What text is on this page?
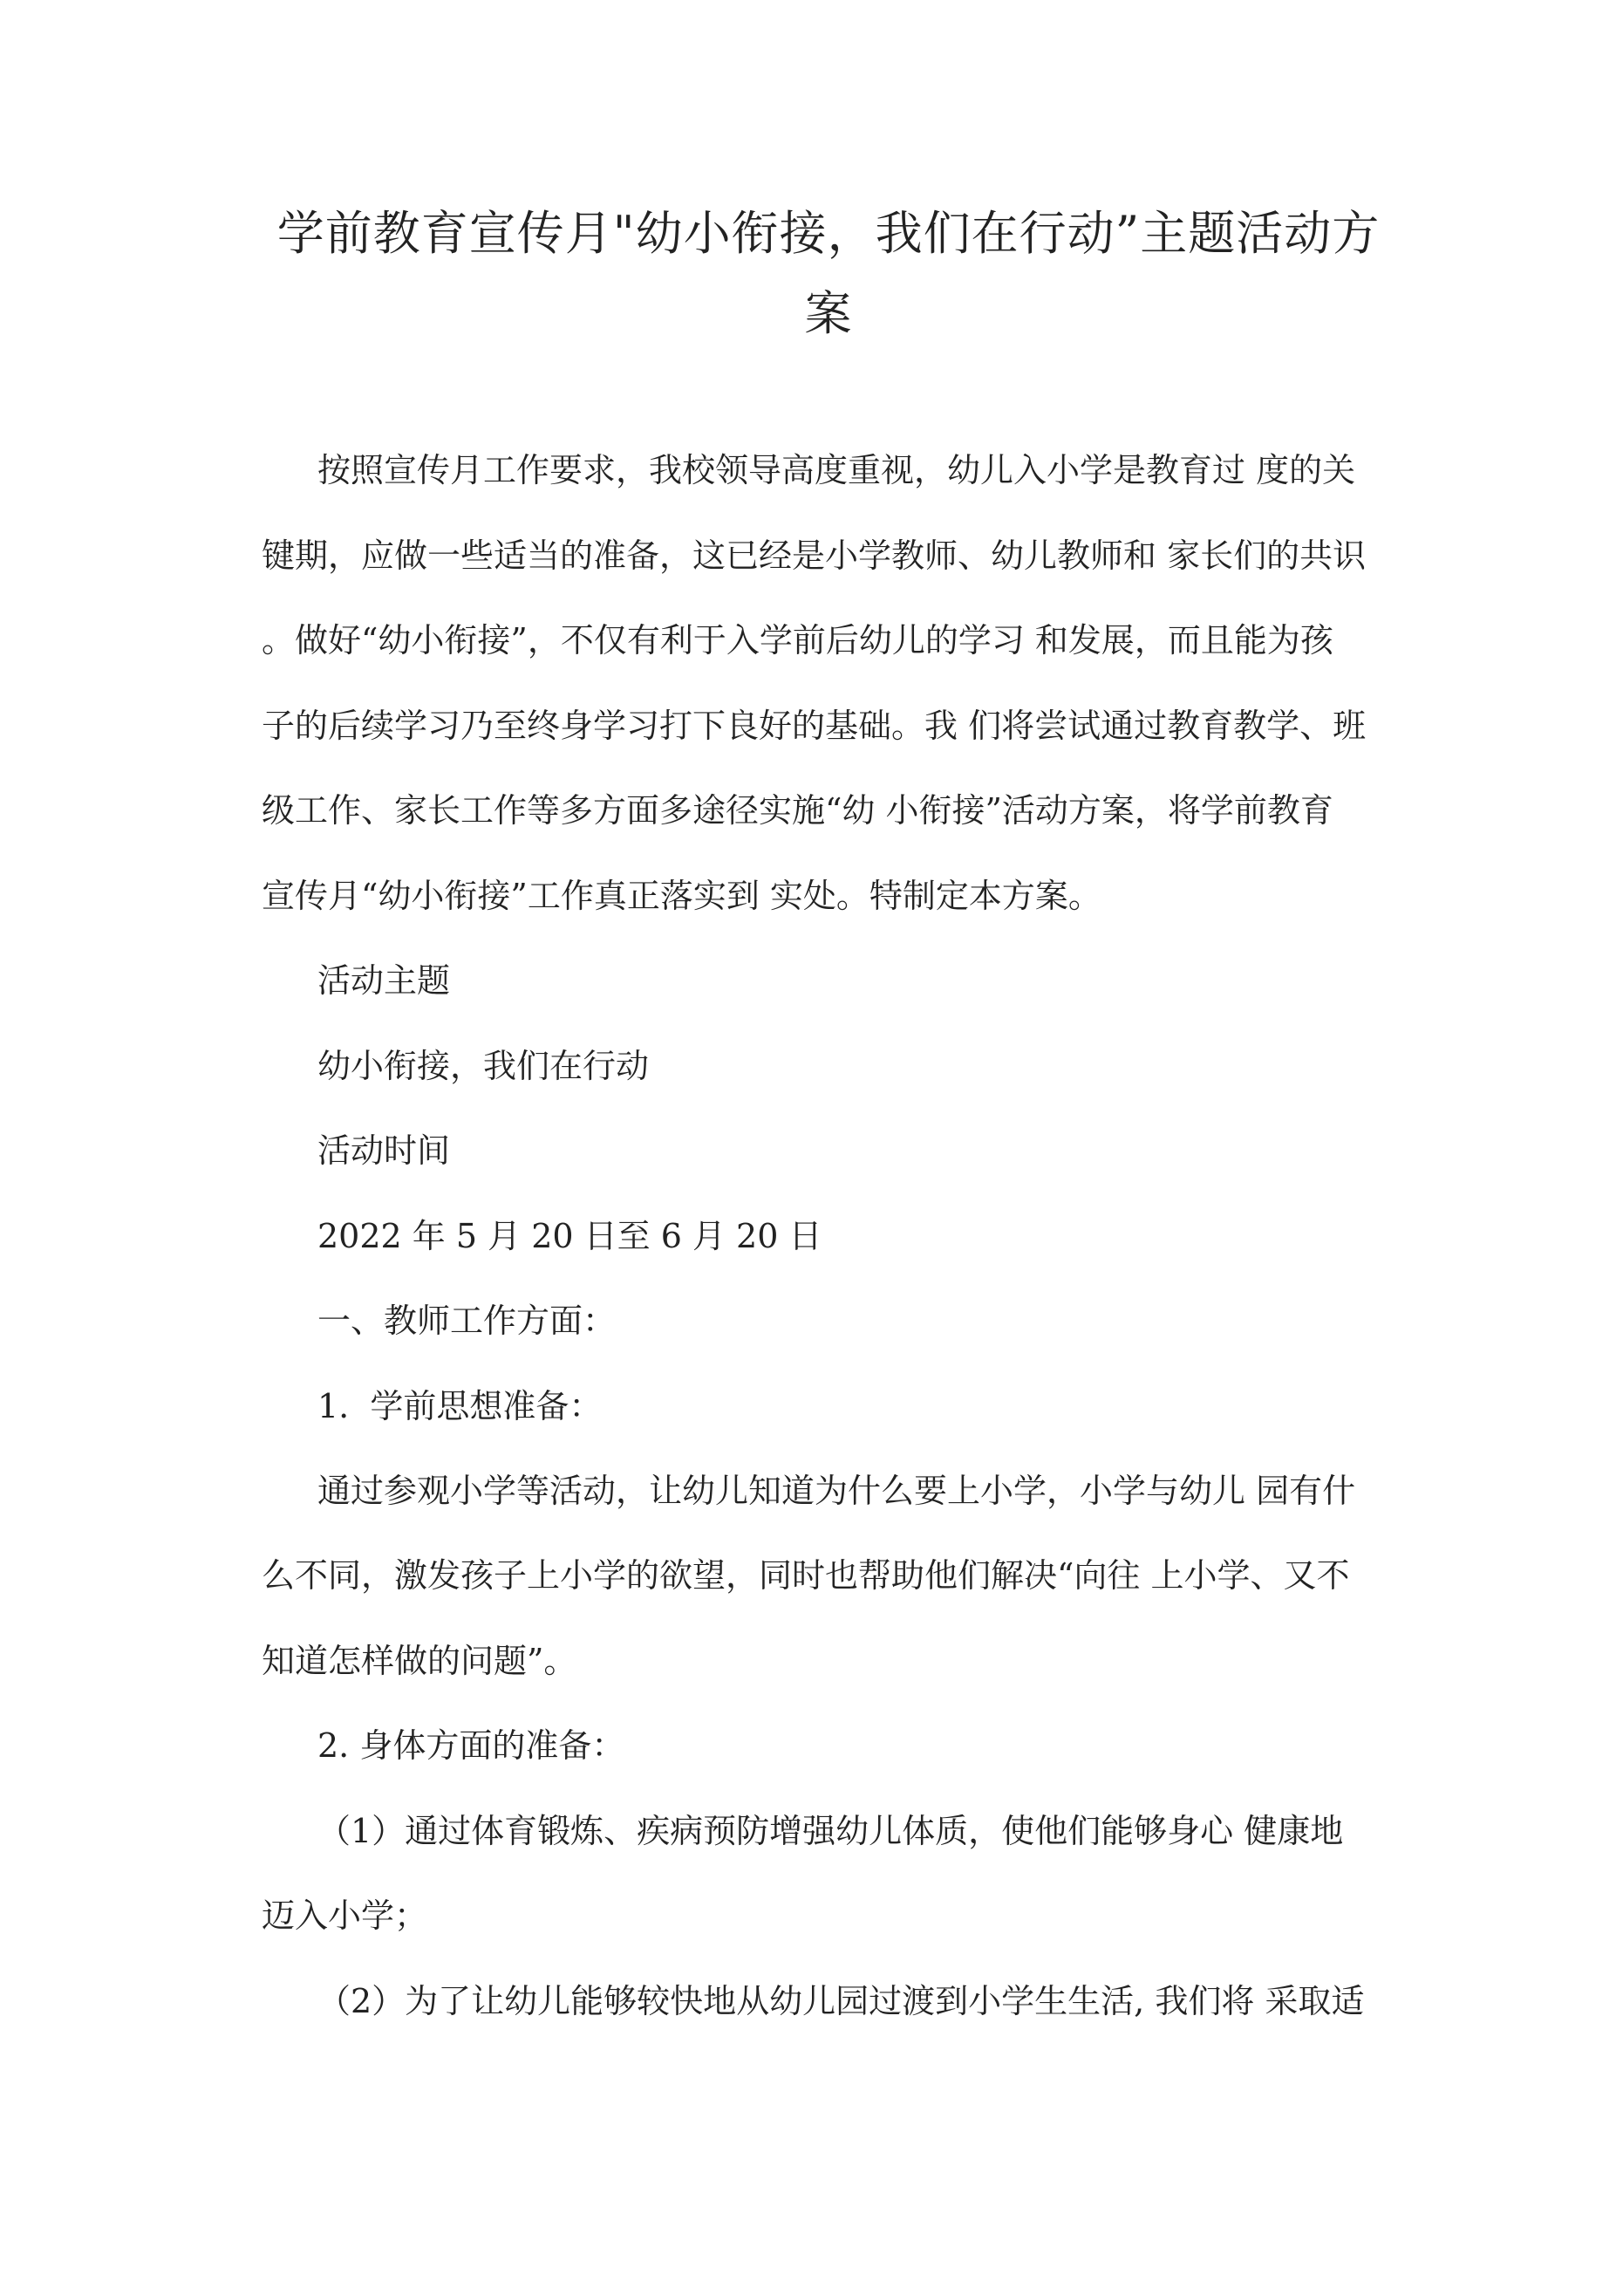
学前教育宣传月"幼小衔接，我们在行动”主题活动方
案

按照宣传月工作要求，我校领导高度重视，幼儿入小学是教育过 度的关

键期，应做一些适当的准备，这已经是小学教师、幼儿教师和 家长们的共识

。做好“幼小衔接”，不仅有利于入学前后幼儿的学习 和发展，而且能为孩

子的后续学习乃至终身学习打下良好的基础。我 们将尝试通过教育教学、班

级工作、家长工作等多方面多途径实施“幼 小衔接”活动方案，将学前教育

宣传月“幼小衔接”工作真正落实到 实处。特制定本方案。

活动主题

幼小衔接，我们在行动

活动时间

2022 年 5 月 20 日至 6 月 20 日

一、教师工作方面：

1.  学前思想准备：

通过参观小学等活动，让幼儿知道为什么要上小学，小学与幼儿 园有什

么不同，激发孩子上小学的欲望，同时也帮助他们解决“向往 上小学、又不

知道怎样做的问题”。

2. 身体方面的准备：

（1）通过体育锻炼、疾病预防增强幼儿体质，使他们能够身心 健康地

迈入小学；

（2）为了让幼儿能够较快地从幼儿园过渡到小学生生活, 我们将 采取适
